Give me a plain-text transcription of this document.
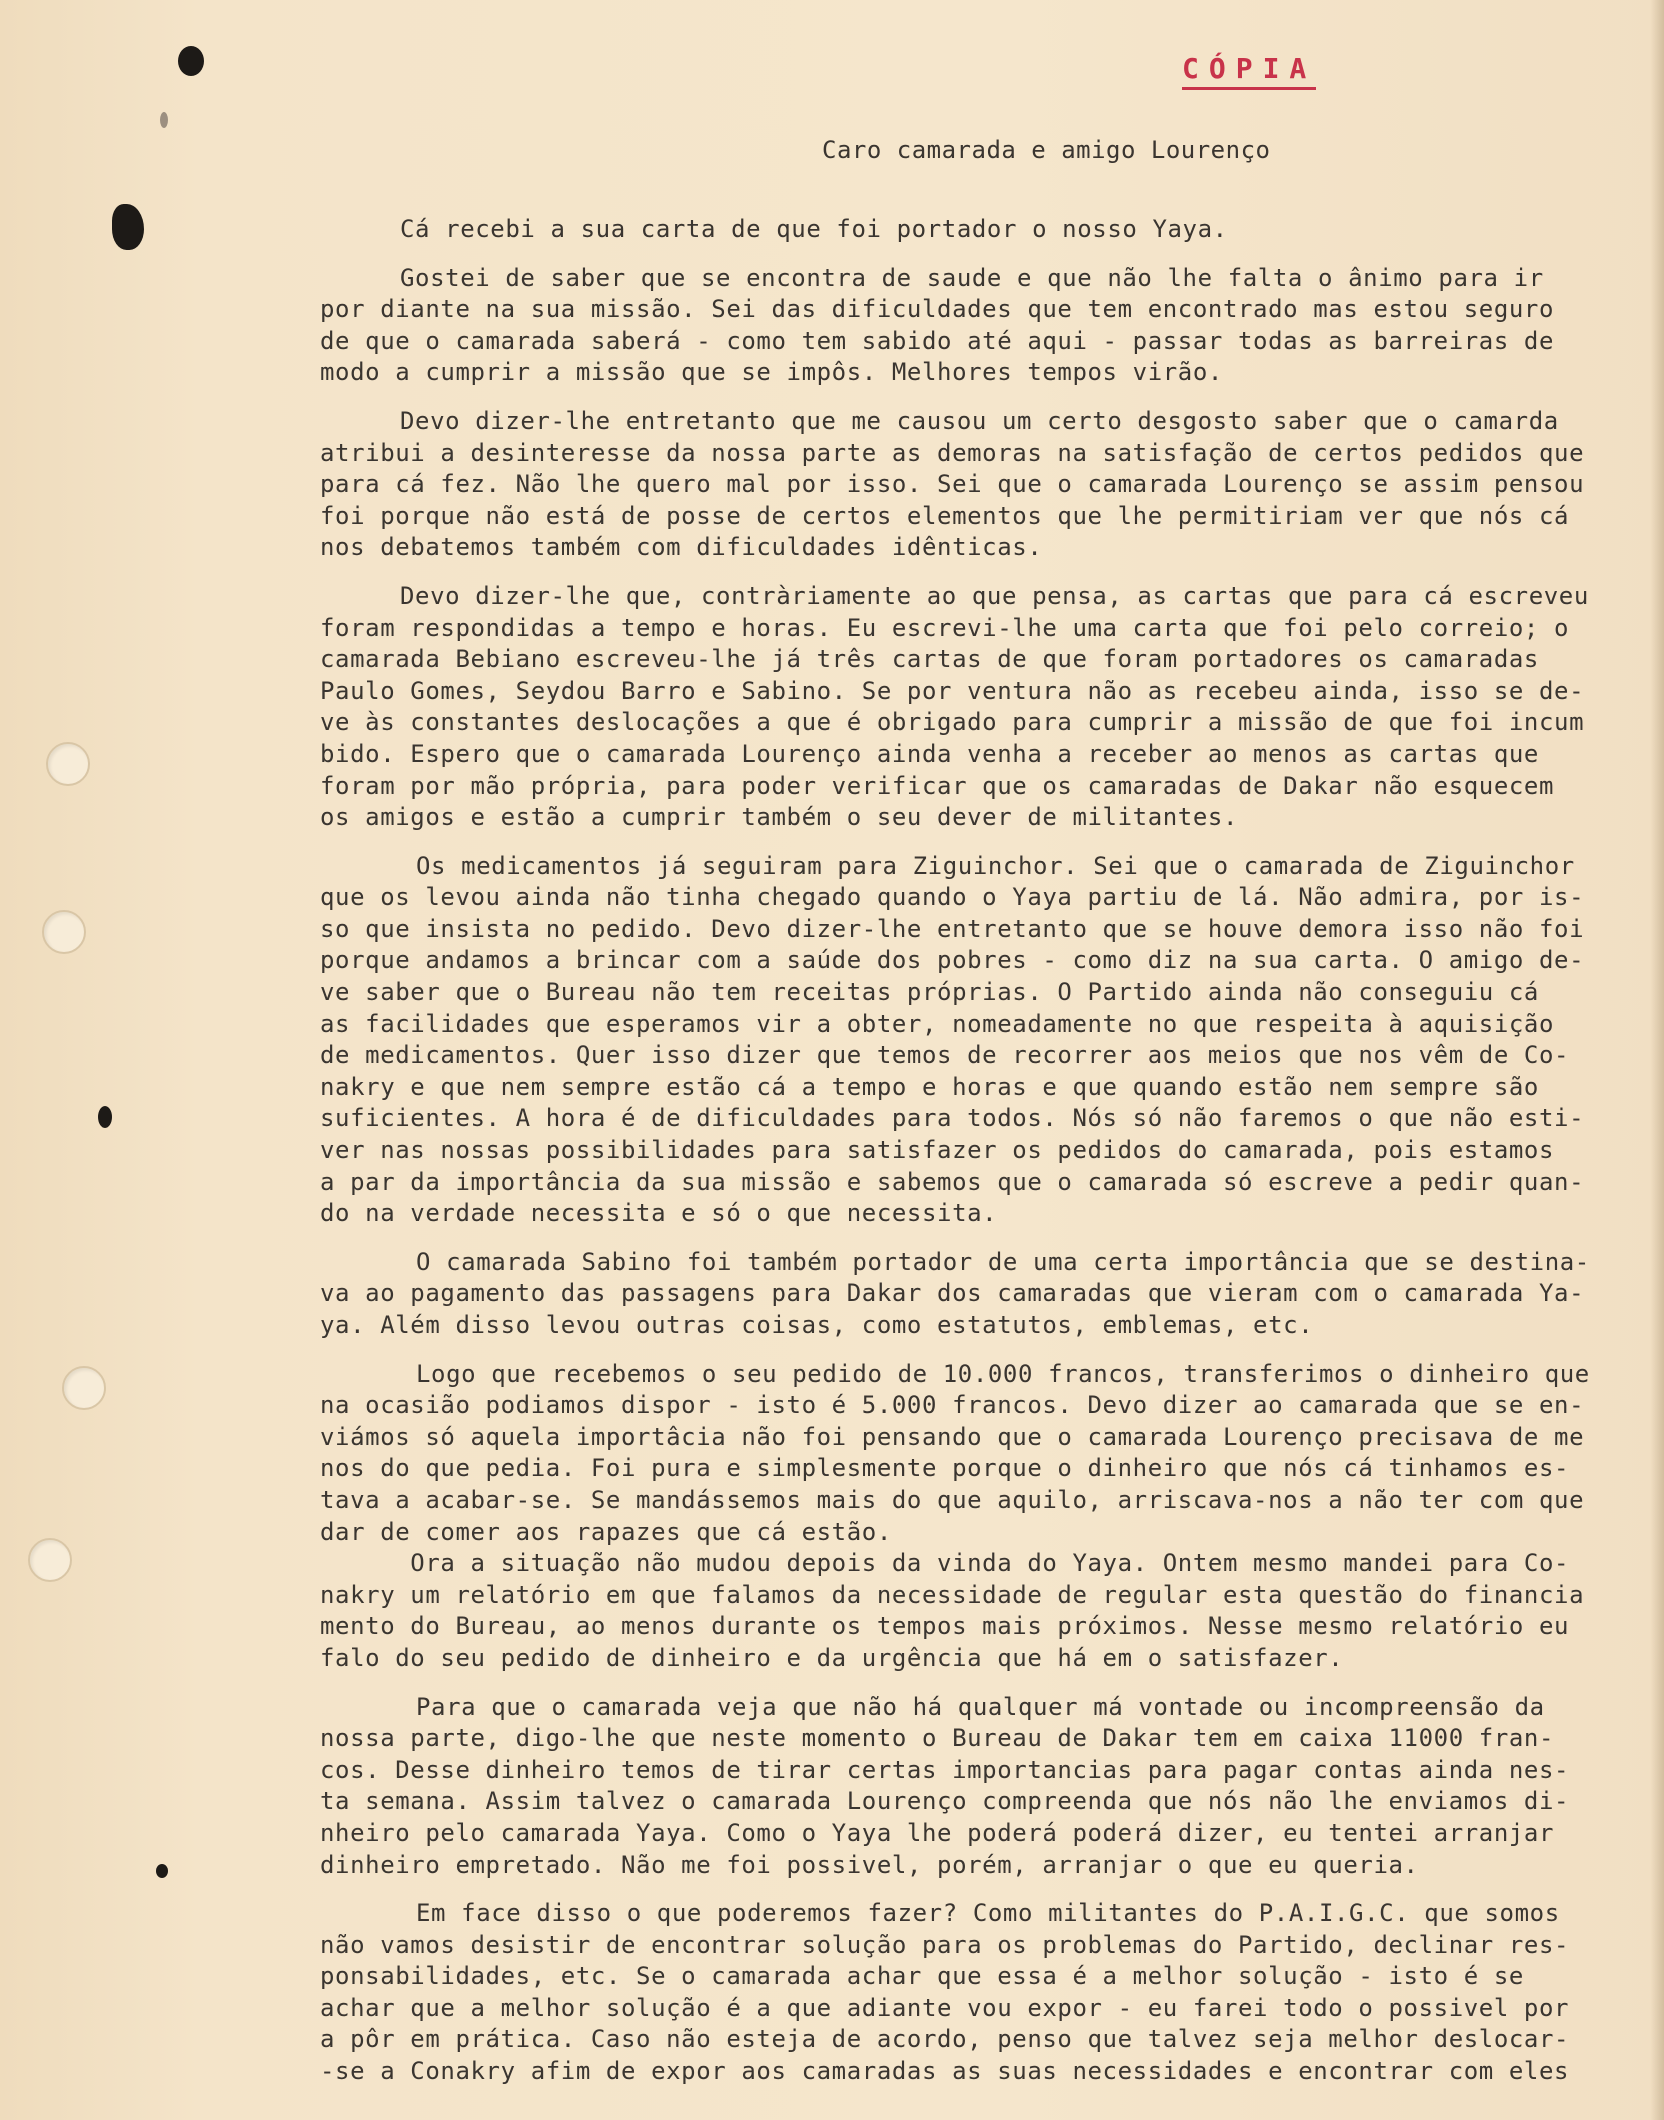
CÓPIA
Caro camarada e amigo Lourenço
Cá recebi a sua carta de que foi portador o nosso Yaya.
Gostei de saber que se encontra de saude e que não lhe falta o ânimo para ir
por diante na sua missão. Sei das dificuldades que tem encontrado mas estou seguro
de que o camarada saberá - como tem sabido até aqui - passar todas as barreiras de
modo a cumprir a missão que se impôs. Melhores tempos virão.
Devo dizer-lhe entretanto que me causou um certo desgosto saber que o camarda
atribui a desinteresse da nossa parte as demoras na satisfação de certos pedidos que
para cá fez. Não lhe quero mal por isso. Sei que o camarada Lourenço se assim pensou
foi porque não está de posse de certos elementos que lhe permitiriam ver que nós cá
nos debatemos também com dificuldades idênticas.
Devo dizer-lhe que, contràriamente ao que pensa, as cartas que para cá escreveu
foram respondidas a tempo e horas. Eu escrevi-lhe uma carta que foi pelo correio; o
camarada Bebiano escreveu-lhe já três cartas de que foram portadores os camaradas
Paulo Gomes, Seydou Barro e Sabino. Se por ventura não as recebeu ainda, isso se de-
ve às constantes deslocações a que é obrigado para cumprir a missão de que foi incum
bido. Espero que o camarada Lourenço ainda venha a receber ao menos as cartas que
foram por mão própria, para poder verificar que os camaradas de Dakar não esquecem
os amigos e estão a cumprir também o seu dever de militantes.
Os medicamentos já seguiram para Ziguinchor. Sei que o camarada de Ziguinchor
que os levou ainda não tinha chegado quando o Yaya partiu de lá. Não admira, por is-
so que insista no pedido. Devo dizer-lhe entretanto que se houve demora isso não foi
porque andamos a brincar com a saúde dos pobres - como diz na sua carta. O amigo de-
ve saber que o Bureau não tem receitas próprias. O Partido ainda não conseguiu cá
as facilidades que esperamos vir a obter, nomeadamente no que respeita à aquisição
de medicamentos. Quer isso dizer que temos de recorrer aos meios que nos vêm de Co-
nakry e que nem sempre estão cá a tempo e horas e que quando estão nem sempre são
suficientes. A hora é de dificuldades para todos. Nós só não faremos o que não esti-
ver nas nossas possibilidades para satisfazer os pedidos do camarada, pois estamos
a par da importância da sua missão e sabemos que o camarada só escreve a pedir quan-
do na verdade necessita e só o que necessita.
O camarada Sabino foi também portador de uma certa importância que se destina-
va ao pagamento das passagens para Dakar dos camaradas que vieram com o camarada Ya-
ya. Além disso levou outras coisas, como estatutos, emblemas, etc.
Logo que recebemos o seu pedido de 10.000 francos, transferimos o dinheiro que
na ocasião podiamos dispor - isto é 5.000 francos. Devo dizer ao camarada que se en-
viámos só aquela importâcia não foi pensando que o camarada Lourenço precisava de me
nos do que pedia. Foi pura e simplesmente porque o dinheiro que nós cá tinhamos es-
tava a acabar-se. Se mandássemos mais do que aquilo, arriscava-nos a não ter com que
dar de comer aos rapazes que cá estão.
Ora a situação não mudou depois da vinda do Yaya. Ontem mesmo mandei para Co-
nakry um relatório em que falamos da necessidade de regular esta questão do financia
mento do Bureau, ao menos durante os tempos mais próximos. Nesse mesmo relatório eu
falo do seu pedido de dinheiro e da urgência que há em o satisfazer.
Para que o camarada veja que não há qualquer má vontade ou incompreensão da
nossa parte, digo-lhe que neste momento o Bureau de Dakar tem em caixa 11000 fran-
cos. Desse dinheiro temos de tirar certas importancias para pagar contas ainda nes-
ta semana. Assim talvez o camarada Lourenço compreenda que nós não lhe enviamos di-
nheiro pelo camarada Yaya. Como o Yaya lhe poderá poderá dizer, eu tentei arranjar
dinheiro empretado. Não me foi possivel, porém, arranjar o que eu queria.
Em face disso o que poderemos fazer? Como militantes do P.A.I.G.C. que somos
não vamos desistir de encontrar solução para os problemas do Partido, declinar res-
ponsabilidades, etc. Se o camarada achar que essa é a melhor solução - isto é se
achar que a melhor solução é a que adiante vou expor - eu farei todo o possivel por
a pôr em prática. Caso não esteja de acordo, penso que talvez seja melhor deslocar-
-se a Conakry afim de expor aos camaradas as suas necessidades e encontrar com eles
